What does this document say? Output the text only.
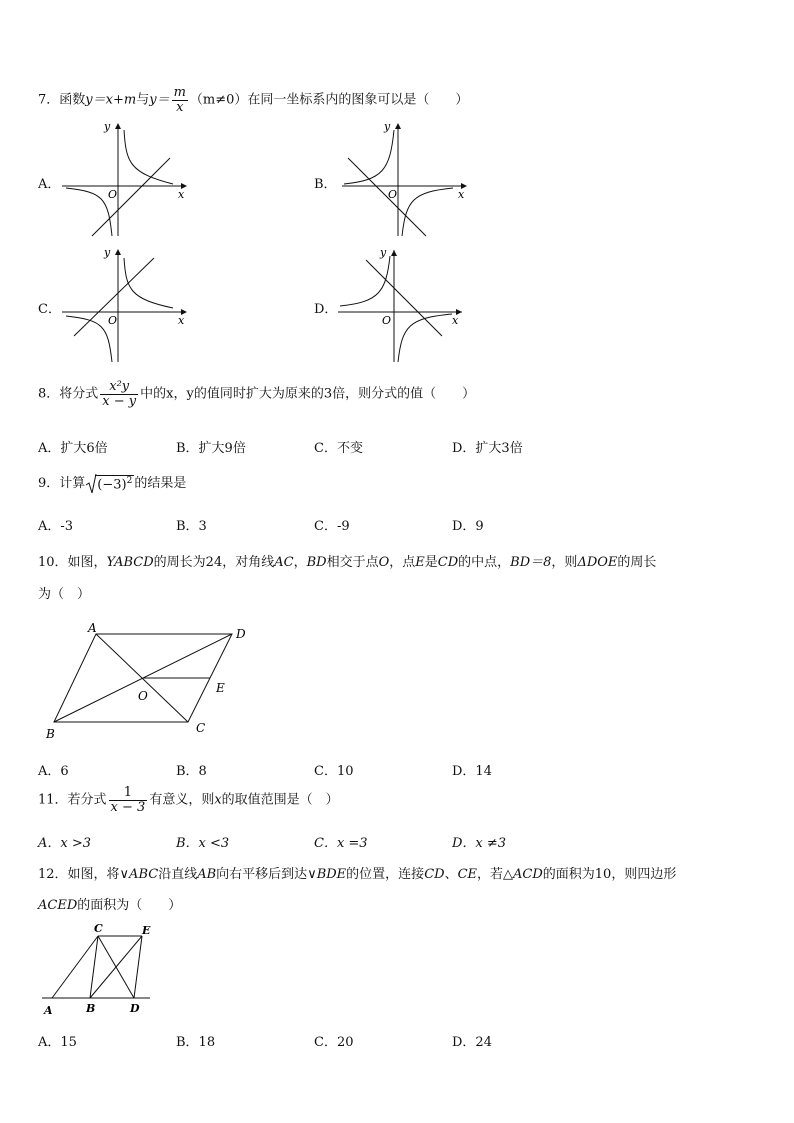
7．函数y＝x+m与$y= \frac{m}{x} (m\ne 0)$在同一坐标系内的图象可以是（　　）
A．	B．
C．	D．
y
x
O
y
x
O
y
x
O
y
x
O
8．将分式 $\frac{\text{x²y}}{x - y}$ 中的x，y的值同时扩大为原来的3倍，则分式的值（　　）
A．扩大6倍	B．扩大9倍	C．不变	D．扩大3倍
9．计算 $(-3)^2$ 的结果是
A．-3	B．3	C．-9	D．9
10．如图，YABCD的周长为24，对角线AC，BD相交于点O，点E是CD的中点，BD＝8，则ΔDOE的周长
为（　）
A	D
B	C
E
O
A．6	B．8	C．10	D．14
11．若分式 $\frac{1}{x - 3}$ 有意义，则x的取值范围是（　）
A．x >3	B．x <3	C．x =3	D．x ≠3
12．如图，将∨ABC沿直线AB向右平移后到达∨BDE的位置，连接CD、CE，若△ACD的面积为10，则四边形
ACED的面积为（　　）
C	E
A	B	D
A．15	B．18	C．20	D．24
